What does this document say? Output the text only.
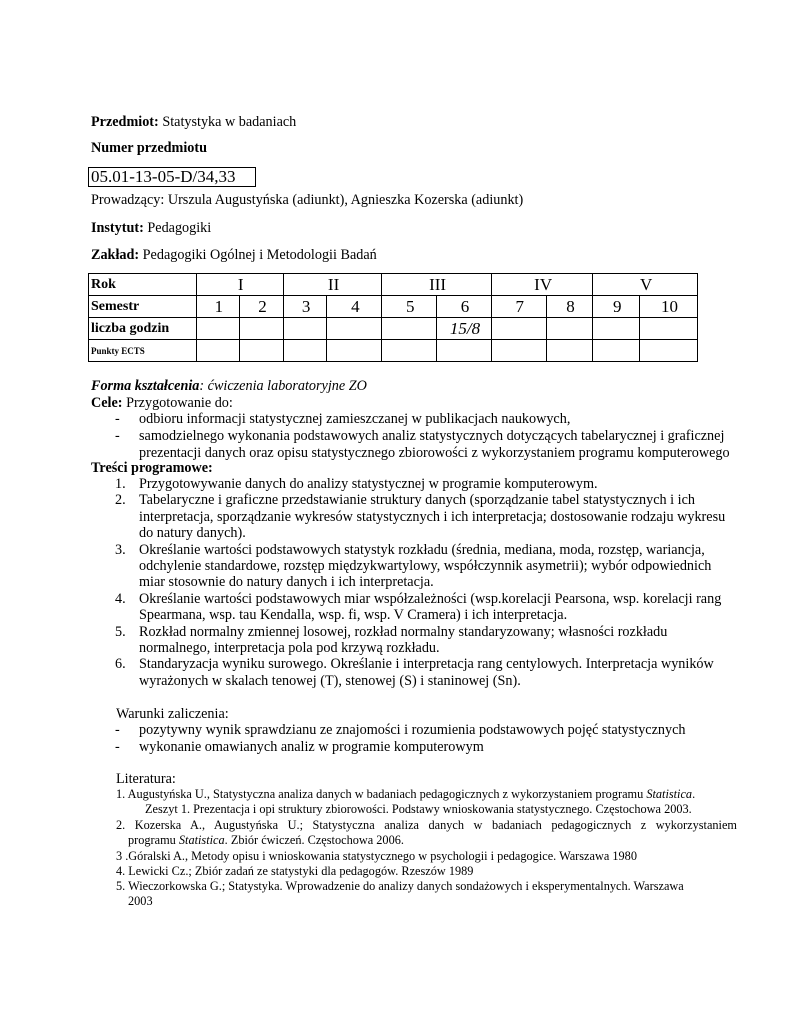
Przedmiot: Statystyka w badaniach
Numer przedmiotu
05.01-13-05-D/34,33
Prowadzący: Urszula Augustyńska (adiunkt), Agnieszka Kozerska (adiunkt)
Instytut: Pedagogiki
Zakład: Pedagogiki Ogólnej i Metodologii Badań
Rok	I		II		III		IV		V	
Semestr	1	2	3	4	5	6	7	8	9	10
liczba godzin						15/8				
Punkty ECTS										
Forma kształcenia: ćwiczenia laboratoryjne ZO
Cele: Przygotowanie do:
- odbioru informacji statystycznej zamieszczanej w publikacjach naukowych,
- samodzielnego wykonania podstawowych analiz statystycznych dotyczących tabelarycznej i graficznej
prezentacji danych oraz opisu statystycznego zbiorowości z wykorzystaniem programu komputerowego
Treści programowe:
1. Przygotowywanie danych do analizy statystycznej w programie komputerowym.
2. Tabelaryczne i graficzne przedstawianie struktury danych (sporządzanie tabel statystycznych i ich
interpretacja, sporządzanie wykresów statystycznych i ich interpretacja; dostosowanie rodzaju wykresu
do natury danych).
3. Określanie wartości podstawowych statystyk rozkładu (średnia, mediana, moda, rozstęp, wariancja,
odchylenie standardowe, rozstęp międzykwartylowy, współczynnik asymetrii); wybór odpowiednich
miar stosownie do natury danych i ich interpretacja.
4. Określanie wartości podstawowych miar współzależności (wsp.korelacji Pearsona, wsp. korelacji rang
Spearmana, wsp. tau Kendalla, wsp. fi, wsp. V Cramera) i ich interpretacja.
5. Rozkład normalny zmiennej losowej, rozkład normalny standaryzowany; własności rozkładu
normalnego, interpretacja pola pod krzywą rozkładu.
6. Standaryzacja wyniku surowego. Określanie i interpretacja rang centylowych. Interpretacja wyników
wyrażonych w skalach tenowej (T), stenowej (S) i staninowej (Sn).
Warunki zaliczenia:
- pozytywny wynik sprawdzianu ze znajomości i rozumienia podstawowych pojęć statystycznych
- wykonanie omawianych analiz w programie komputerowym
Literatura:
1. Augustyńska U., Statystyczna analiza danych w badaniach pedagogicznych z wykorzystaniem programu Statistica.
Zeszyt 1. Prezentacja i opi struktury zbiorowości. Podstawy wnioskowania statystycznego. Częstochowa 2003.
2. Kozerska A., Augustyńska U.; Statystyczna analiza danych w badaniach pedagogicznych z wykorzystaniem
programu Statistica. Zbiór ćwiczeń. Częstochowa 2006.
3 .Góralski A., Metody opisu i wnioskowania statystycznego w psychologii i pedagogice. Warszawa 1980
4. Lewicki Cz.; Zbiór zadań ze statystyki dla pedagogów. Rzeszów 1989
5. Wieczorkowska G.; Statystyka. Wprowadzenie do analizy danych sondażowych i eksperymentalnych. Warszawa
2003
